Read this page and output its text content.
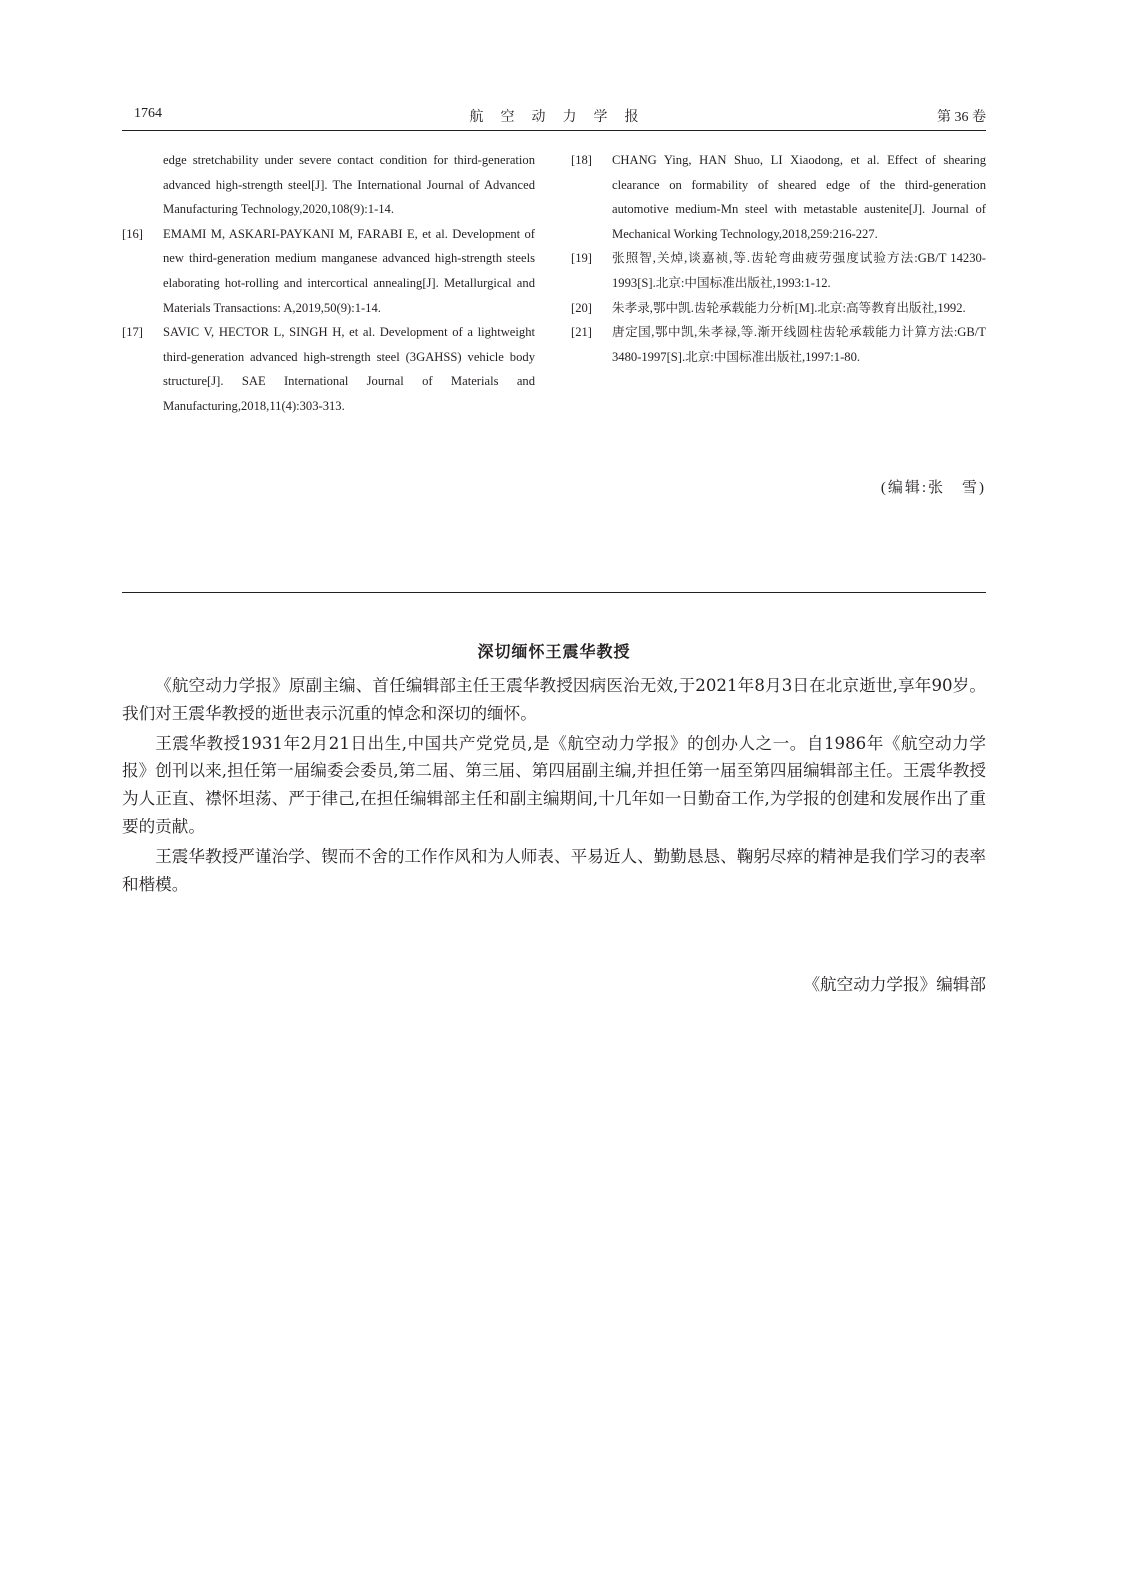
1764	航空动力学报	第 36 卷
edge stretchability under severe contact condition for third-generation advanced high-strength steel[J]. The International Journal of Advanced Manufacturing Technology,2020,108(9):1-14.
[16] EMAMI M, ASKARI-PAYKANI M, FARABI E, et al. Development of new third-generation medium manganese advanced high-strength steels elaborating hot-rolling and intercortical annealing[J]. Metallurgical and Materials Transactions: A,2019,50(9):1-14.
[17] SAVIC V, HECTOR L, SINGH H, et al. Development of a lightweight third-generation advanced high-strength steel (3GAHSS) vehicle body structure[J]. SAE International Journal of Materials and Manufacturing,2018,11(4):303-313.
[18] CHANG Ying, HAN Shuo, LI Xiaodong, et al. Effect of shearing clearance on formability of sheared edge of the third-generation automotive medium-Mn steel with metastable austenite[J]. Journal of Mechanical Working Technology,2018,259:216-227.
[19] 张照智,关焯,谈嘉祯,等.齿轮弯曲疲劳强度试验方法:GB/T 14230-1993[S].北京:中国标准出版社,1993:1-12.
[20] 朱孝录,鄂中凯.齿轮承载能力分析[M].北京:高等教育出版社,1992.
[21] 唐定国,鄂中凯,朱孝禄,等.渐开线圆柱齿轮承载能力计算方法:GB/T 3480-1997[S].北京:中国标准出版社,1997:1-80.
(编辑:张　雪)
深切缅怀王震华教授

《航空动力学报》原副主编、首任编辑部主任王震华教授因病医治无效,于2021年8月3日在北京逝世,享年90岁。我们对王震华教授的逝世表示沉重的悼念和深切的缅怀。

王震华教授1931年2月21日出生,中国共产党党员,是《航空动力学报》的创办人之一。自1986年《航空动力学报》创刊以来,担任第一届编委会委员,第二届、第三届、第四届副主编,并担任第一届至第四届编辑部主任。王震华教授为人正直、襟怀坦荡、严于律己,在担任编辑部主任和副主编期间,十几年如一日勤奋工作,为学报的创建和发展作出了重要的贡献。

王震华教授严谨治学、锲而不舍的工作作风和为人师表、平易近人、勤勤恳恳、鞠躬尽瘁的精神是我们学习的表率和楷模。

《航空动力学报》编辑部
